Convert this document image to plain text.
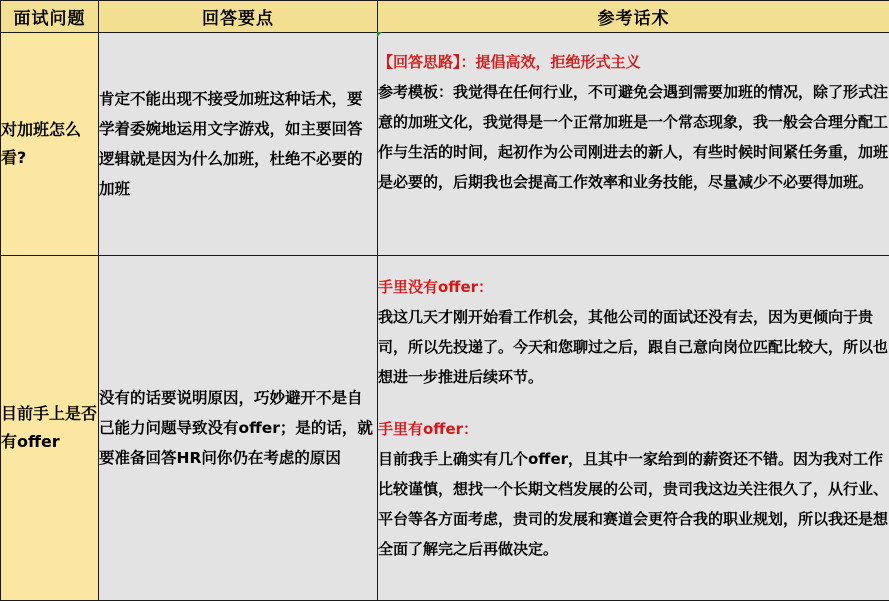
面试问题	回答要点	参考话术
对加班怎么看?	肯定不能出现不接受加班这种话术，要学着委婉地运用文字游戏，如主要回答逻辑就是因为什么加班，杜绝不必要的加班	【回答思路】：提倡高效，拒绝形式主义
参考模板：我觉得在任何行业，不可避免会遇到需要加班的情况，除了形式注意的加班文化，我觉得是一个正常加班是一个常态现象，我一般会合理分配工作与生活的时间，起初作为公司刚进去的新人，有些时候时间紧任务重，加班是必要的，后期我也会提高工作效率和业务技能，尽量减少不必要得加班。

目前手上是否有offer	没有的话要说明原因，巧妙避开不是自己能力问题导致没有offer；是的话，就要准备回答HR问你仍在考虑的原因	手里没有offer：
我这几天才刚开始看工作机会，其他公司的面试还没有去，因为更倾向于贵司，所以先投递了。今天和您聊过之后，跟自己意向岗位匹配比较大，所以也想进一步推进后续环节。
手里有offer：
目前我手上确实有几个offer，且其中一家给到的薪资还不错。因为我对工作比较谨慎，想找一个长期文档发展的公司，贵司我这边关注很久了，从行业、平台等各方面考虑，贵司的发展和赛道会更符合我的职业规划，所以我还是想全面了解完之后再做决定。
